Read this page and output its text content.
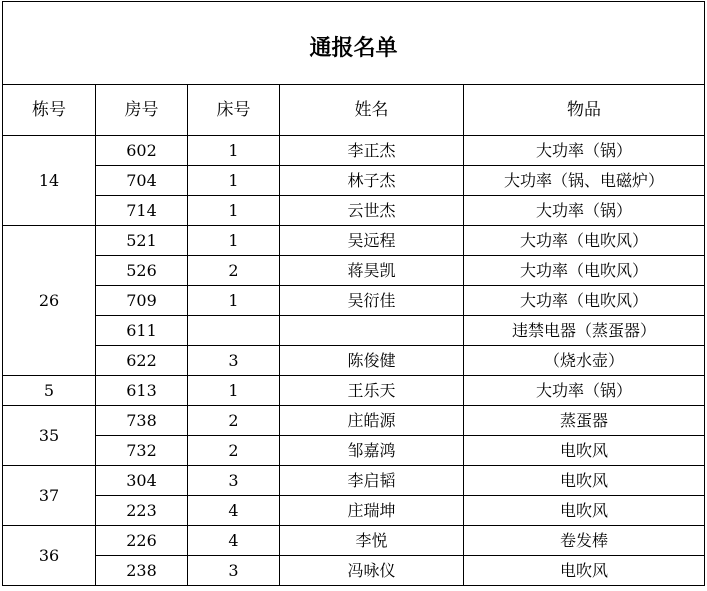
通报名单				
栋号	房号	床号	姓名	物品
14	602	1	李正杰	大功率（锅）
	704	1	林子杰	大功率（锅、电磁炉）
	714	1	云世杰	大功率（锅）
26	521	1	吴远程	大功率（电吹风）
	526	2	蒋昊凯	大功率（电吹风）
	709	1	吴衍佳	大功率（电吹风）
	611			违禁电器（蒸蛋器）
	622	3	陈俊健	（烧水壶）
5	613	1	王乐天	大功率（锅）
35	738	2	庄皓源	蒸蛋器
	732	2	邹嘉鸿	电吹风
37	304	3	李启韬	电吹风
	223	4	庄瑞坤	电吹风
36	226	4	李悦	卷发棒
	238	3	冯咏仪	电吹风
